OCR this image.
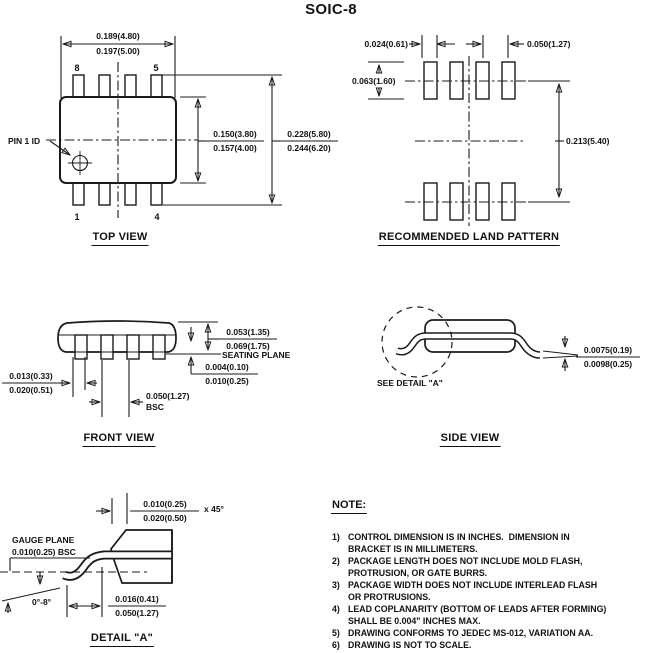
SOIC-8
0.189(4.80)
0.197(5.00)
8	5
1	4
PIN 1 ID
0.150(3.80)
0.157(4.00)
0.228(5.80)
0.244(6.20)
TOP VIEW
0.024(0.61)	0.050(1.27)
0.063(1.60)
0.213(5.40)
RECOMMENDED LAND PATTERN
0.013(0.33)
0.020(0.51)
0.050(1.27)
BSC
0.053(1.35)
0.069(1.75)
SEATING PLANE
0.004(0.10)
0.010(0.25)
FRONT VIEW
SEE DETAIL "A"
0.0075(0.19)
0.0098(0.25)
SIDE VIEW
0.010(0.25)
0.020(0.50)
x 45°
GAUGE PLANE
0.010(0.25) BSC
0°-8°	0.016(0.41)
0.050(1.27)
DETAIL "A"
NOTE:
1) CONTROL DIMENSION IS IN INCHES.  DIMENSION IN
BRACKET IS IN MILLIMETERS.
2) PACKAGE LENGTH DOES NOT INCLUDE MOLD FLASH,
PROTRUSION, OR GATE BURRS.
3) PACKAGE WIDTH DOES NOT INCLUDE INTERLEAD FLASH
OR PROTRUSIONS.
4) LEAD COPLANARITY (BOTTOM OF LEADS AFTER FORMING)
SHALL BE 0.004" INCHES MAX.
5) DRAWING CONFORMS TO JEDEC MS-012, VARIATION AA.
6) DRAWING IS NOT TO SCALE.
